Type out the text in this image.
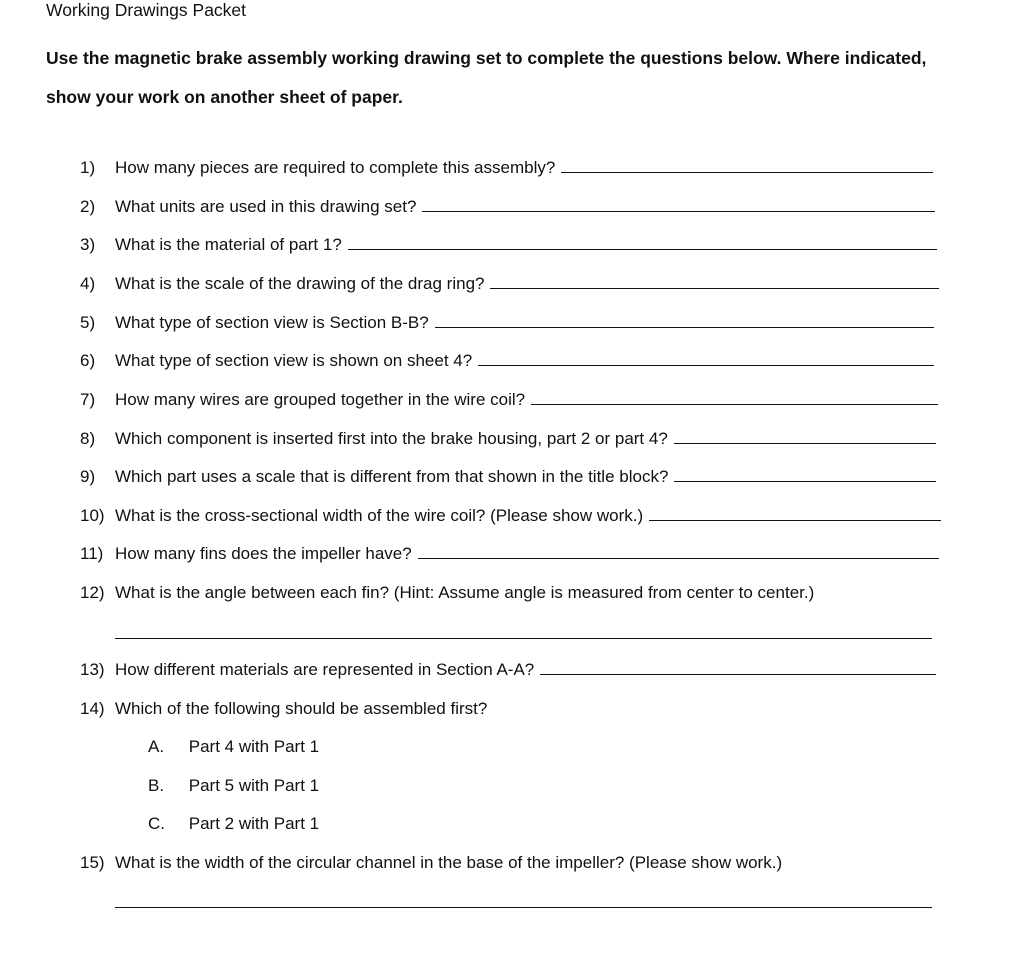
Working Drawings Packet
Use the magnetic brake assembly working drawing set to complete the questions below. Where indicated, show your work on another sheet of paper.
1)	How many pieces are required to complete this assembly?
2)	What units are used in this drawing set?
3)	What is the material of part 1?
4)	What is the scale of the drawing of the drag ring?
5)	What type of section view is Section B-B?
6)	What type of section view is shown on sheet 4?
7)	How many wires are grouped together in the wire coil?
8)	Which component is inserted first into the brake housing, part 2 or part 4?
9)	Which part uses a scale that is different from that shown in the title block?
10) What is the cross-sectional width of the wire coil? (Please show work.)
11) How many fins does the impeller have?
12) What is the angle between each fin? (Hint: Assume angle is measured from center to center.)
13) How different materials are represented in Section A-A?
14) Which of the following should be assembled first?
A. Part 4 with Part 1
B. Part 5 with Part 1
C. Part 2 with Part 1
15) What is the width of the circular channel in the base of the impeller? (Please show work.)
